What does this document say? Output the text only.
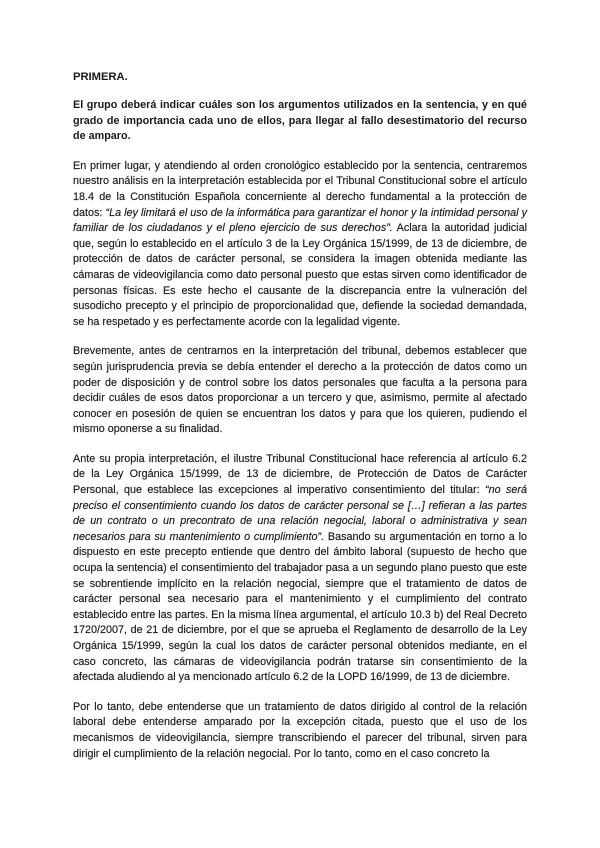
PRIMERA.

El grupo deberá indicar cuáles son los argumentos utilizados en la sentencia, y en qué grado de importancia cada uno de ellos, para llegar al fallo desestimatorio del recurso de amparo.

En primer lugar, y atendiendo al orden cronológico establecido por la sentencia, centraremos nuestro análisis en la interpretación establecida por el Tribunal Constitucional sobre el artículo 18.4 de la Constitución Española concerniente al derecho fundamental a la protección de datos: “La ley limitará el uso de la informática para garantizar el honor y la intimidad personal y familiar de los ciudadanos y el pleno ejercicio de sus derechos”. Aclara la autoridad judicial que, según lo establecido en el artículo 3 de la Ley Orgánica 15/1999, de 13 de diciembre, de protección de datos de carácter personal, se considera la imagen obtenida mediante las cámaras de videovigilancia como dato personal puesto que estas sirven como identificador de personas físicas. Es este hecho el causante de la discrepancia entre la vulneración del susodicho precepto y el principio de proporcionalidad que, defiende la sociedad demandada, se ha respetado y es perfectamente acorde con la legalidad vigente.

Brevemente, antes de centrarnos en la interpretación del tribunal, debemos establecer que según jurisprudencia previa se debía entender el derecho a la protección de datos como un poder de disposición y de control sobre los datos personales que faculta a la persona para decidir cuáles de esos datos proporcionar a un tercero y que, asimismo, permite al afectado conocer en posesión de quien se encuentran los datos y para que los quieren, pudiendo el mismo oponerse a su finalidad.

Ante su propia interpretación, el ilustre Tribunal Constitucional hace referencia al artículo 6.2 de la Ley Orgánica 15/1999, de 13 de diciembre, de Protección de Datos de Carácter Personal, que establece las excepciones al imperativo consentimiento del titular: “no será preciso el consentimiento cuando los datos de carácter personal se […] refieran a las partes de un contrato o un precontrato de una relación negocial, laboral o administrativa y sean necesarios para su mantenimiento o cumplimiento”. Basando su argumentación en torno a lo dispuesto en este precepto entiende que dentro del ámbito laboral (supuesto de hecho que ocupa la sentencia) el consentimiento del trabajador pasa a un segundo plano puesto que este se sobrentiende implícito en la relación negocial, siempre que el tratamiento de datos de carácter personal sea necesario para el mantenimiento y el cumplimiento del contrato establecido entre las partes. En la misma línea argumental, el artículo 10.3 b) del Real Decreto 1720/2007, de 21 de diciembre, por el que se aprueba el Reglamento de desarrollo de la Ley Orgánica 15/1999, según la cual los datos de carácter personal obtenidos mediante, en el caso concreto, las cámaras de videovigilancia podrán tratarse sin consentimiento de la afectada aludiendo al ya mencionado artículo 6.2 de la LOPD 16/1999, de 13 de diciembre.

Por lo tanto, debe entenderse que un tratamiento de datos dirigido al control de la relación laboral debe entenderse amparado por la excepción citada, puesto que el uso de los mecanismos de videovigilancia, siempre transcribiendo el parecer del tribunal, sirven para dirigir el cumplimiento de la relación negocial. Por lo tanto, como en el caso concreto la
